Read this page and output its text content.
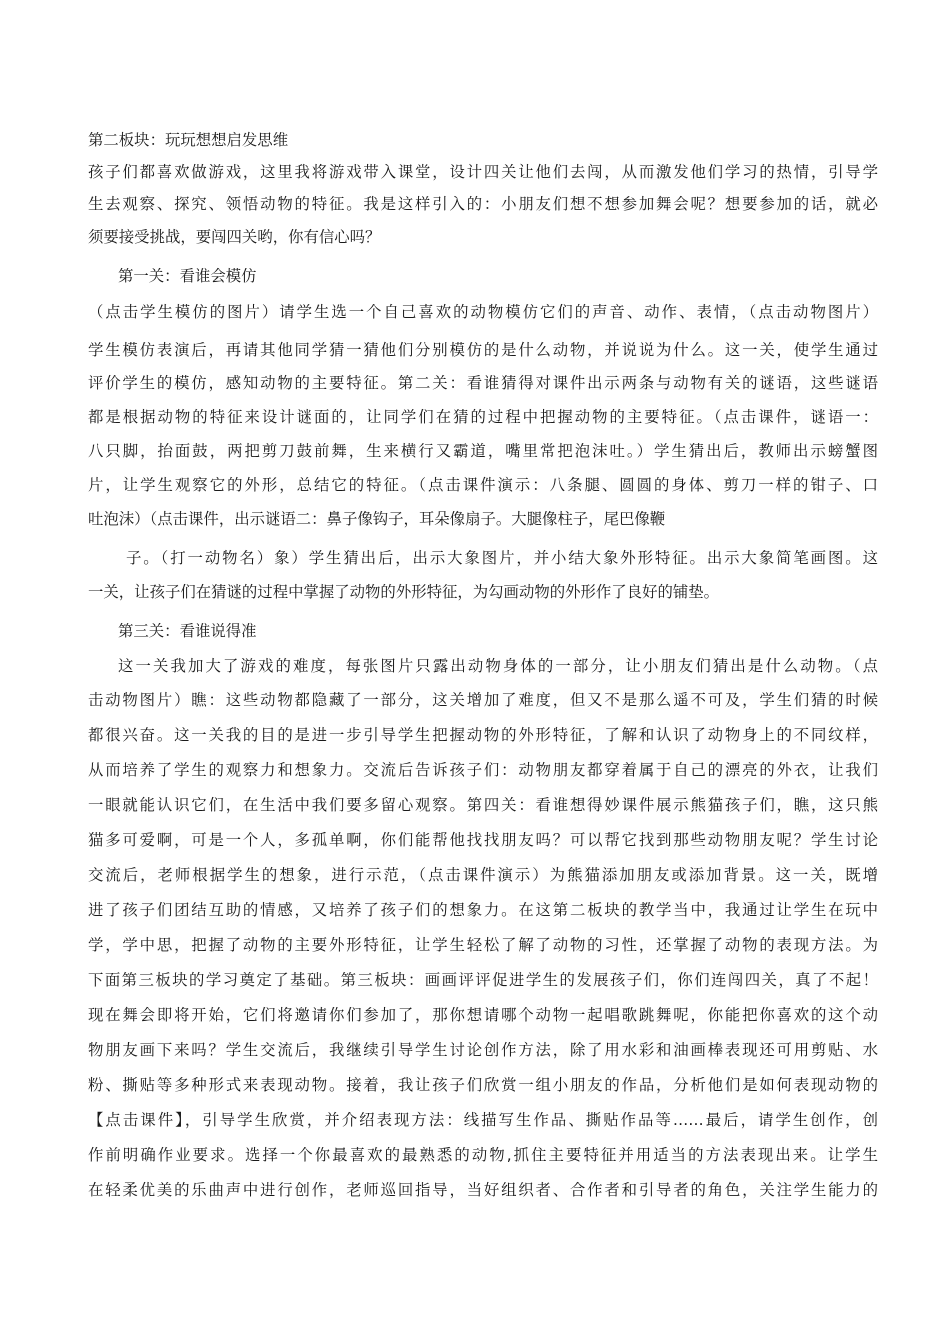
第二板块：玩玩想想启发思维

孩子们都喜欢做游戏，这里我将游戏带入课堂，设计四关让他们去闯，从而激发他们学习的热情，引导学

生去观察、探究、领悟动物的特征。我是这样引入的：小朋友们想不想参加舞会呢？想要参加的话，就必

须要接受挑战，要闯四关哟，你有信心吗？

第一关：看谁会模仿

（点击学生模仿的图片）请学生选一个自己喜欢的动物模仿它们的声音、动作、表情，（点击动物图片）

学生模仿表演后，再请其他同学猜一猜他们分别模仿的是什么动物，并说说为什么。这一关，使学生通过

评价学生的模仿，感知动物的主要特征。第二关：看谁猜得对课件出示两条与动物有关的谜语，这些谜语

都是根据动物的特征来设计谜面的，让同学们在猜的过程中把握动物的主要特征。（点击课件，谜语一：

八只脚，抬面鼓，两把剪刀鼓前舞，生来横行又霸道，嘴里常把泡沫吐。）学生猜出后，教师出示螃蟹图

片，让学生观察它的外形，总结它的特征。（点击课件演示：八条腿、圆圆的身体、剪刀一样的钳子、口

吐泡沫）（点击课件，出示谜语二：鼻子像钩子，耳朵像扇子。大腿像柱子，尾巴像鞭

子。（打一动物名）象）学生猜出后，出示大象图片，并小结大象外形特征。出示大象简笔画图。这

一关，让孩子们在猜谜的过程中掌握了动物的外形特征，为勾画动物的外形作了良好的铺垫。

第三关：看谁说得准

这一关我加大了游戏的难度，每张图片只露出动物身体的一部分，让小朋友们猜出是什么动物。（点

击动物图片）瞧：这些动物都隐藏了一部分，这关增加了难度，但又不是那么遥不可及，学生们猜的时候

都很兴奋。这一关我的目的是进一步引导学生把握动物的外形特征，了解和认识了动物身上的不同纹样，

从而培养了学生的观察力和想象力。交流后告诉孩子们：动物朋友都穿着属于自己的漂亮的外衣，让我们

一眼就能认识它们，在生活中我们要多留心观察。第四关：看谁想得妙课件展示熊猫孩子们，瞧，这只熊

猫多可爱啊，可是一个人，多孤单啊，你们能帮他找找朋友吗？可以帮它找到那些动物朋友呢？学生讨论

交流后，老师根据学生的想象，进行示范，（点击课件演示）为熊猫添加朋友或添加背景。这一关，既增

进了孩子们团结互助的情感，又培养了孩子们的想象力。在这第二板块的教学当中，我通过让学生在玩中

学，学中思，把握了动物的主要外形特征，让学生轻松了解了动物的习性，还掌握了动物的表现方法。为

下面第三板块的学习奠定了基础。第三板块：画画评评促进学生的发展孩子们，你们连闯四关，真了不起！

现在舞会即将开始，它们将邀请你们参加了，那你想请哪个动物一起唱歌跳舞呢，你能把你喜欢的这个动

物朋友画下来吗？学生交流后，我继续引导学生讨论创作方法，除了用水彩和油画棒表现还可用剪贴、水

粉、撕贴等多种形式来表现动物。接着，我让孩子们欣赏一组小朋友的作品，分析他们是如何表现动物的

【点击课件】，引导学生欣赏，并介绍表现方法：线描写生作品、撕贴作品等……最后，请学生创作，创

作前明确作业要求。选择一个你最喜欢的最熟悉的动物,抓住主要特征并用适当的方法表现出来。让学生

在轻柔优美的乐曲声中进行创作，老师巡回指导，当好组织者、合作者和引导者的角色，关注学生能力的
